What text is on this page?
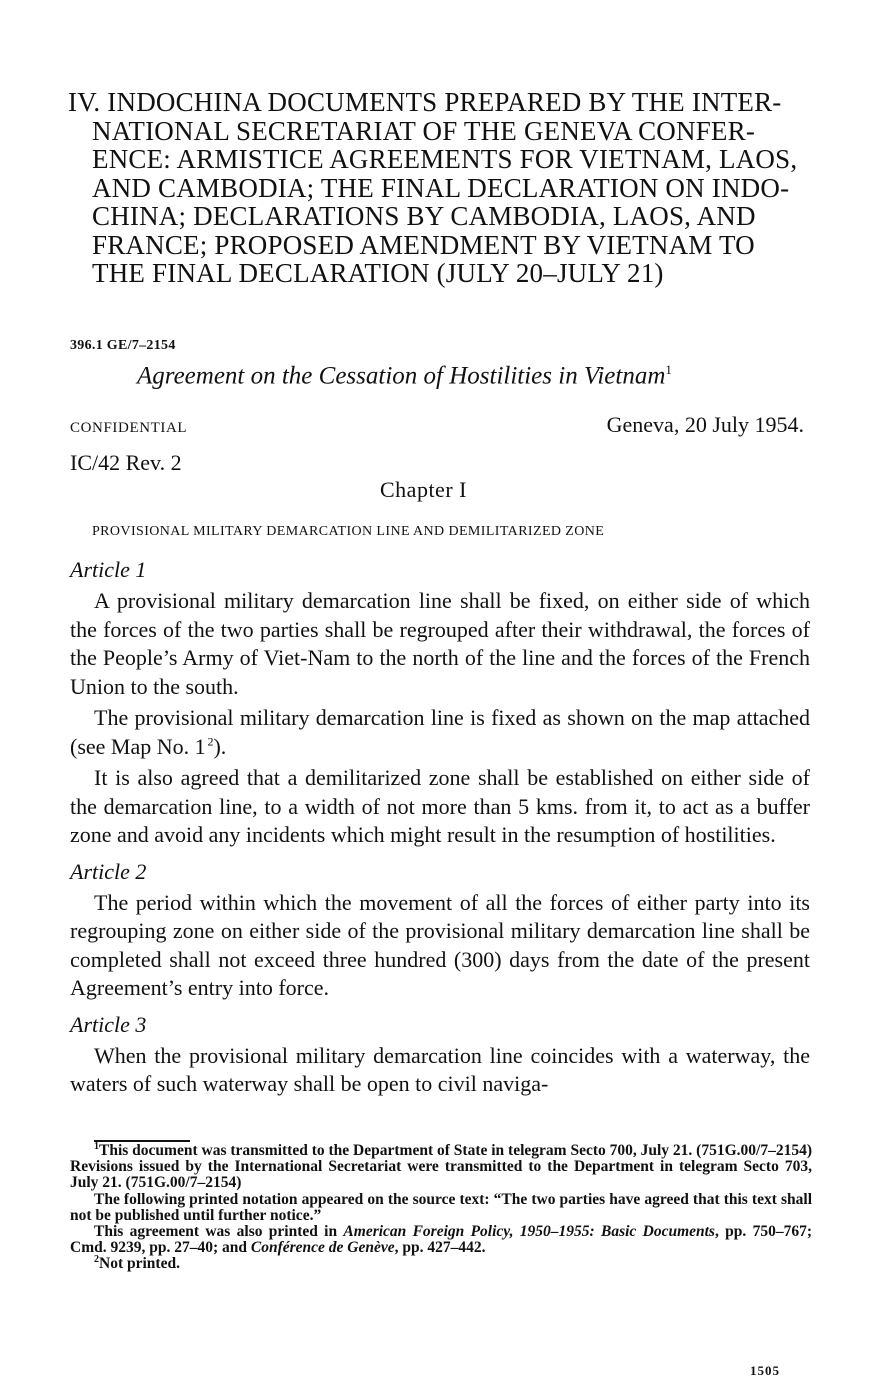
IV. INDOCHINA DOCUMENTS PREPARED BY THE INTER-
NATIONAL SECRETARIAT OF THE GENEVA CONFER-
ENCE: ARMISTICE AGREEMENTS FOR VIETNAM, LAOS,
AND CAMBODIA; THE FINAL DECLARATION ON INDO-
CHINA; DECLARATIONS BY CAMBODIA, LAOS, AND
FRANCE; PROPOSED AMENDMENT BY VIETNAM TO
THE FINAL DECLARATION (JULY 20–JULY 21)
396.1 GE/7–2154
Agreement on the Cessation of Hostilities in Vietnam$^1$
CONFIDENTIAL	Geneva, 20 July 1954.
IC/42 Rev. 2
Chapter I
PROVISIONAL MILITARY DEMARCATION LINE AND DEMILITARIZED ZONE
Article 1

A provisional military demarcation line shall be fixed, on either side of which the forces of the two parties shall be regrouped after their withdrawal, the forces of the People’s Army of Viet-Nam to the north of the line and the forces of the French Union to the south.

The provisional military demarcation line is fixed as shown on the map attached (see Map No. 1  $^2$).

It is also agreed that a demilitarized zone shall be established on either side of the demarcation line, to a width of not more than 5 kms. from it, to act as a buffer zone and avoid any incidents which might result in the resumption of hostilities.

Article 2

The period within which the movement of all the forces of either party into its regrouping zone on either side of the provisional military demarcation line shall be completed shall not exceed three hundred (300) days from the date of the present Agreement’s entry into force.

Article 3

When the provisional military demarcation line coincides with a waterway, the waters of such waterway shall be open to civil naviga-

$^1$This document was transmitted to the Department of State in telegram Secto 700, July 21. (751G.00/7–2154) Revisions issued by the International Secretariat were transmitted to the Department in telegram Secto 703, July 21. (751G.00/7–2154)

The following printed notation appeared on the source text: “The two parties have agreed that this text shall not be published until further notice.”

This agreement was also printed in American Foreign Policy, 1950–1955: Basic Documents, pp. 750–767; Cmd. 9239, pp. 27–40; and Conférence de Genève, pp. 427–442.

$^2$Not printed.

1505
